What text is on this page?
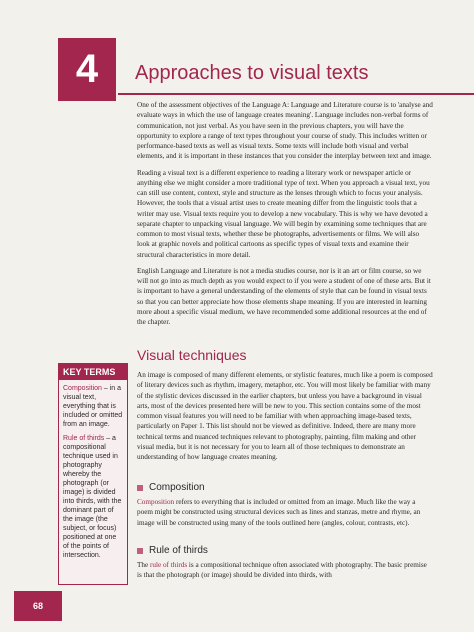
4 Approaches to visual texts

One of the assessment objectives of the Language A: Language and Literature course is to 'analyse and evaluate ways in which the use of language creates meaning'. Language includes non-verbal forms of communication, not just verbal. As you have seen in the previous chapters, you will have the opportunity to explore a range of text types throughout your course of study. This includes written or performance-based texts as well as visual texts. Some texts will include both visual and verbal elements, and it is important in these instances that you consider the interplay between text and image.

Reading a visual text is a different experience to reading a literary work or newspaper article or anything else we might consider a more traditional type of text. When you approach a visual text, you can still use content, context, style and structure as the lenses through which to focus your analysis. However, the tools that a visual artist uses to create meaning differ from the linguistic tools that a writer may use. Visual texts require you to develop a new vocabulary. This is why we have devoted a separate chapter to unpacking visual language. We will begin by examining some techniques that are common to most visual texts, whether these be photographs, advertisements or films. We will also look at graphic novels and political cartoons as specific types of visual texts and examine their structural characteristics in more detail.

English Language and Literature is not a media studies course, nor is it an art or film course, so we will not go into as much depth as you would expect to if you were a student of one of these arts. But it is important to have a general understanding of the elements of style that can be found in visual texts so that you can better appreciate how those elements shape meaning. If you are interested in learning more about a specific visual medium, we have recommended some additional resources at the end of the chapter.

Visual techniques

An image is composed of many different elements, or stylistic features, much like a poem is composed of literary devices such as rhythm, imagery, metaphor, etc. You will most likely be familiar with many of the stylistic devices discussed in the earlier chapters, but unless you have a background in visual arts, most of the devices presented here will be new to you. This section contains some of the most common visual features you will need to be familiar with when approaching image-based texts, particularly on Paper 1. This list should not be viewed as definitive. Indeed, there are many more technical terms and nuanced techniques relevant to photography, painting, film making and other visual media, but it is not necessary for you to learn all of those techniques to demonstrate an understanding of how language creates meaning.

Composition

Composition refers to everything that is included or omitted from an image. Much like the way a poem might be constructed using structural devices such as lines and stanzas, metre and rhyme, an image will be constructed using many of the tools outlined here (angles, colour, contrasts, etc).

Rule of thirds

The rule of thirds is a compositional technique often associated with photography. The basic premise is that the photograph (or image) should be divided into thirds, with

KEY TERMS
Composition – in a visual text, everything that is included or omitted from an image.
Rule of thirds – a compositional technique used in photography whereby the photograph (or image) is divided into thirds, with the dominant part of the image (the subject, or focus) positioned at one of the points of intersection.
68
